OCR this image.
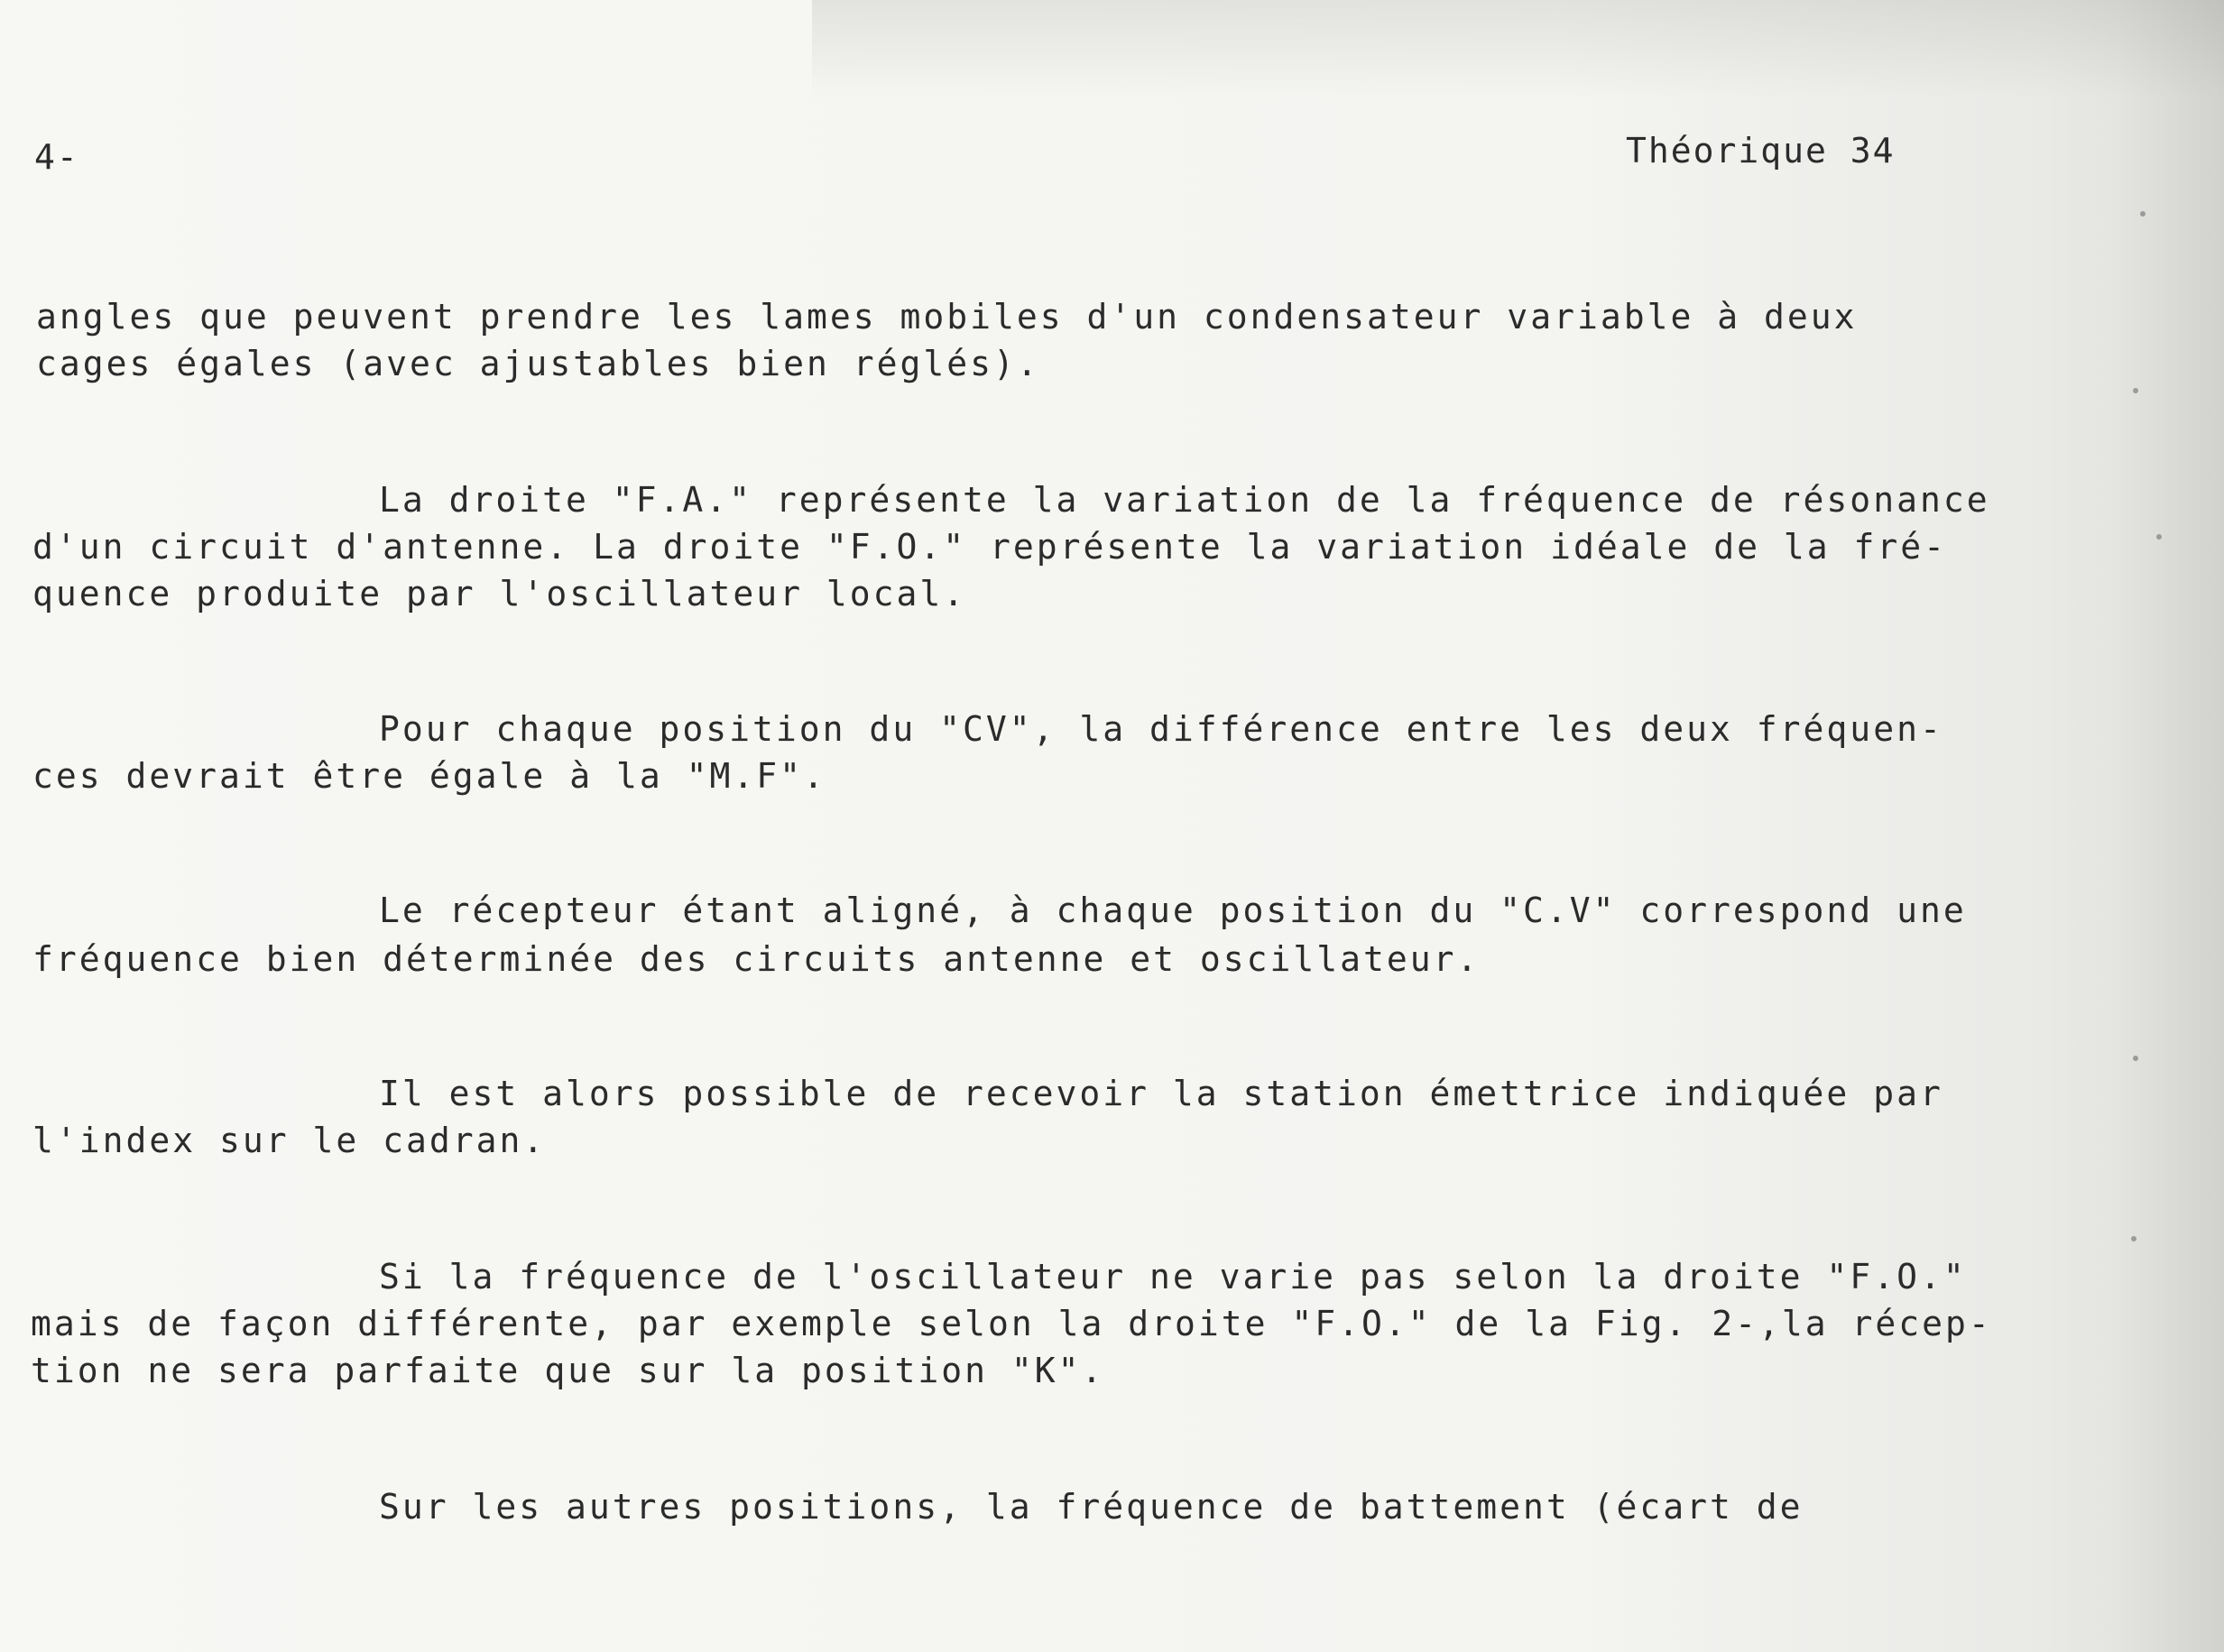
4-	Théorique 34
angles que peuvent prendre les lames mobiles d'un condensateur variable à deux
cages égales (avec ajustables bien réglés).
La droite "F.A." représente la variation de la fréquence de résonance
d'un circuit d'antenne. La droite "F.O." représente la variation idéale de la fré-
quence produite par l'oscillateur local.
Pour chaque position du "CV", la différence entre les deux fréquen-
ces devrait être égale à la "M.F".
Le récepteur étant aligné, à chaque position du "C.V" correspond une
fréquence bien déterminée des circuits antenne et oscillateur.
Il est alors possible de recevoir la station émettrice indiquée par
l'index sur le cadran.
Si la fréquence de l'oscillateur ne varie pas selon la droite "F.O."
mais de façon différente, par exemple selon la droite "F.O." de la Fig. 2-,la récep-
tion ne sera parfaite que sur la position "K".
Sur les autres positions, la fréquence de battement (écart de
